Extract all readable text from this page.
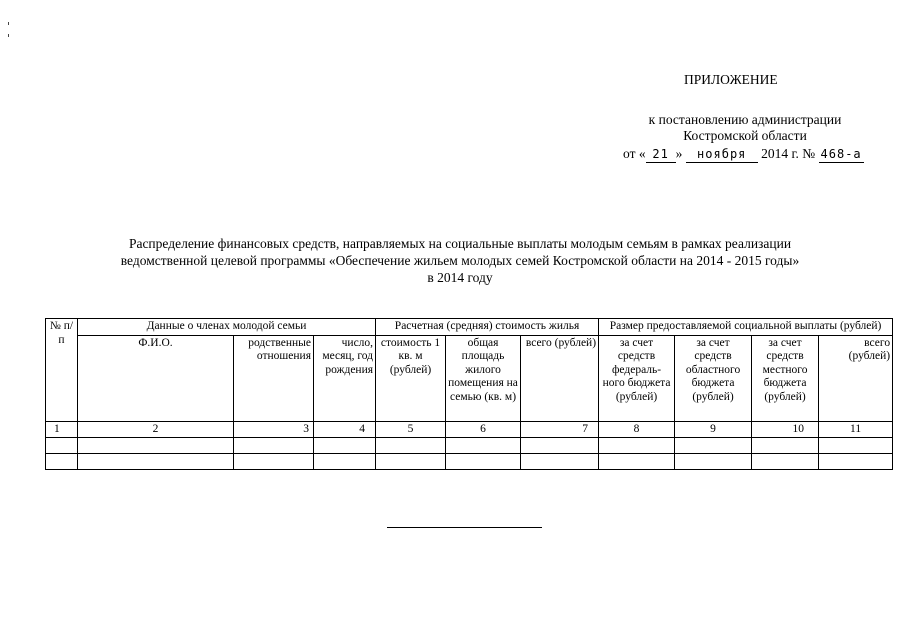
ПРИЛОЖЕНИЕ
к постановлению администрации
Костромской области
от « 21 » ноября 2014 г. № 468-а
Распределение финансовых средств, направляемых на социальные выплаты молодым семьям в рамках реализации
ведомственной целевой программы «Обеспечение жильем молодых семей Костромской области на 2014 - 2015 годы»
в 2014 году
№ п/п	Данные о членах молодой семьи			Расчетная (средняя) стоимость жилья			Размер предоставляемой социальной выплаты (рублей)			
	Ф.И.О.	родственные отношения	число, месяц, год рождения	стоимость 1 кв. м (рублей)	общая площадь жилого помещения на семью (кв. м)	всего (рублей)	за счет средств федераль-ного бюджета (рублей)	за счет средств областного бюджета (рублей)	за счет средств местного бюджета (рублей)	всего (рублей)
1	2	3	4	5	6	7	8	9	10	11
